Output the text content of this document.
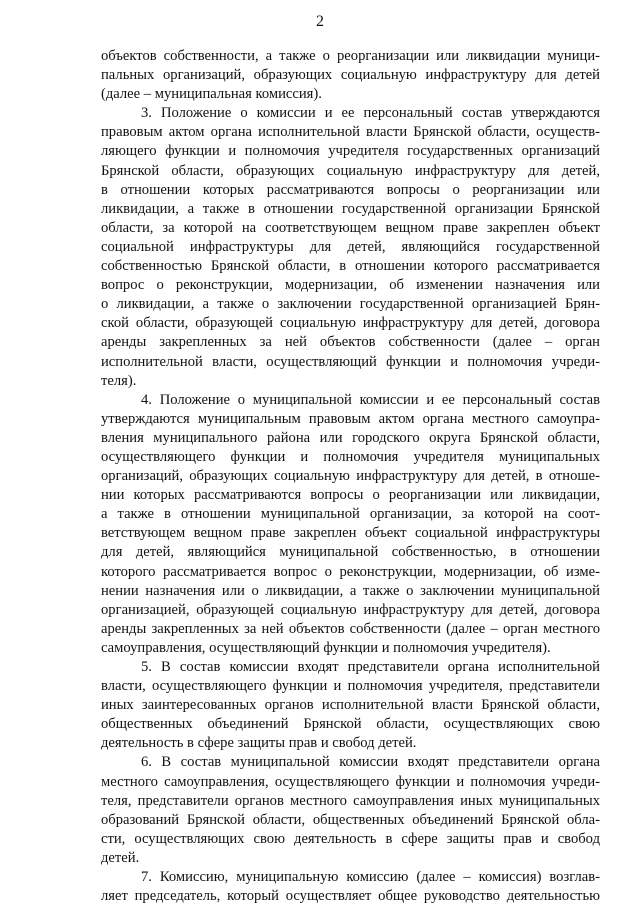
2
объектов собственности, а также о реорганизации или ликвидации муници-
пальных организаций, образующих социальную инфраструктуру для детей
(далее – муниципальная комиссия).
3. Положение о комиссии и ее персональный состав утверждаются
правовым актом органа исполнительной власти Брянской области, осуществ-
ляющего функции и полномочия учредителя государственных организаций
Брянской области, образующих социальную инфраструктуру для детей,
в отношении которых рассматриваются вопросы о реорганизации или
ликвидации, а также в отношении государственной организации Брянской
области, за которой на соответствующем вещном праве закреплен объект
социальной инфраструктуры для детей, являющийся государственной
собственностью Брянской области, в отношении которого рассматривается
вопрос о реконструкции, модернизации, об изменении назначения или
о ликвидации, а также о заключении государственной организацией Брян-
ской области, образующей социальную инфраструктуру для детей, договора
аренды закрепленных за ней объектов собственности (далее – орган
исполнительной власти, осуществляющий функции и полномочия учреди-
теля).
4. Положение о муниципальной комиссии и ее персональный состав
утверждаются муниципальным правовым актом органа местного самоупра-
вления муниципального района или городского округа Брянской области,
осуществляющего функции и полномочия учредителя муниципальных
организаций, образующих социальную инфраструктуру для детей, в отноше-
нии которых рассматриваются вопросы о реорганизации или ликвидации,
а также в отношении муниципальной организации, за которой на соот-
ветствующем вещном праве закреплен объект социальной инфраструктуры
для детей, являющийся муниципальной собственностью, в отношении
которого рассматривается вопрос о реконструкции, модернизации, об изме-
нении назначения или о ликвидации, а также о заключении муниципальной
организацией, образующей социальную инфраструктуру для детей, договора
аренды закрепленных за ней объектов собственности (далее – орган местного
самоуправления, осуществляющий функции и полномочия учредителя).
5. В состав комиссии входят представители органа исполнительной
власти, осуществляющего функции и полномочия учредителя, представители
иных заинтересованных органов исполнительной власти Брянской области,
общественных объединений Брянской области, осуществляющих свою
деятельность в сфере защиты прав и свобод детей.
6. В состав муниципальной комиссии входят представители органа
местного самоуправления, осуществляющего функции и полномочия учреди-
теля, представители органов местного самоуправления иных муниципальных
образований Брянской области, общественных объединений Брянской обла-
сти, осуществляющих свою деятельность в сфере защиты прав и свобод
детей.
7. Комиссию, муниципальную комиссию (далее – комиссия) возглав-
ляет председатель, который осуществляет общее руководство деятельностью
